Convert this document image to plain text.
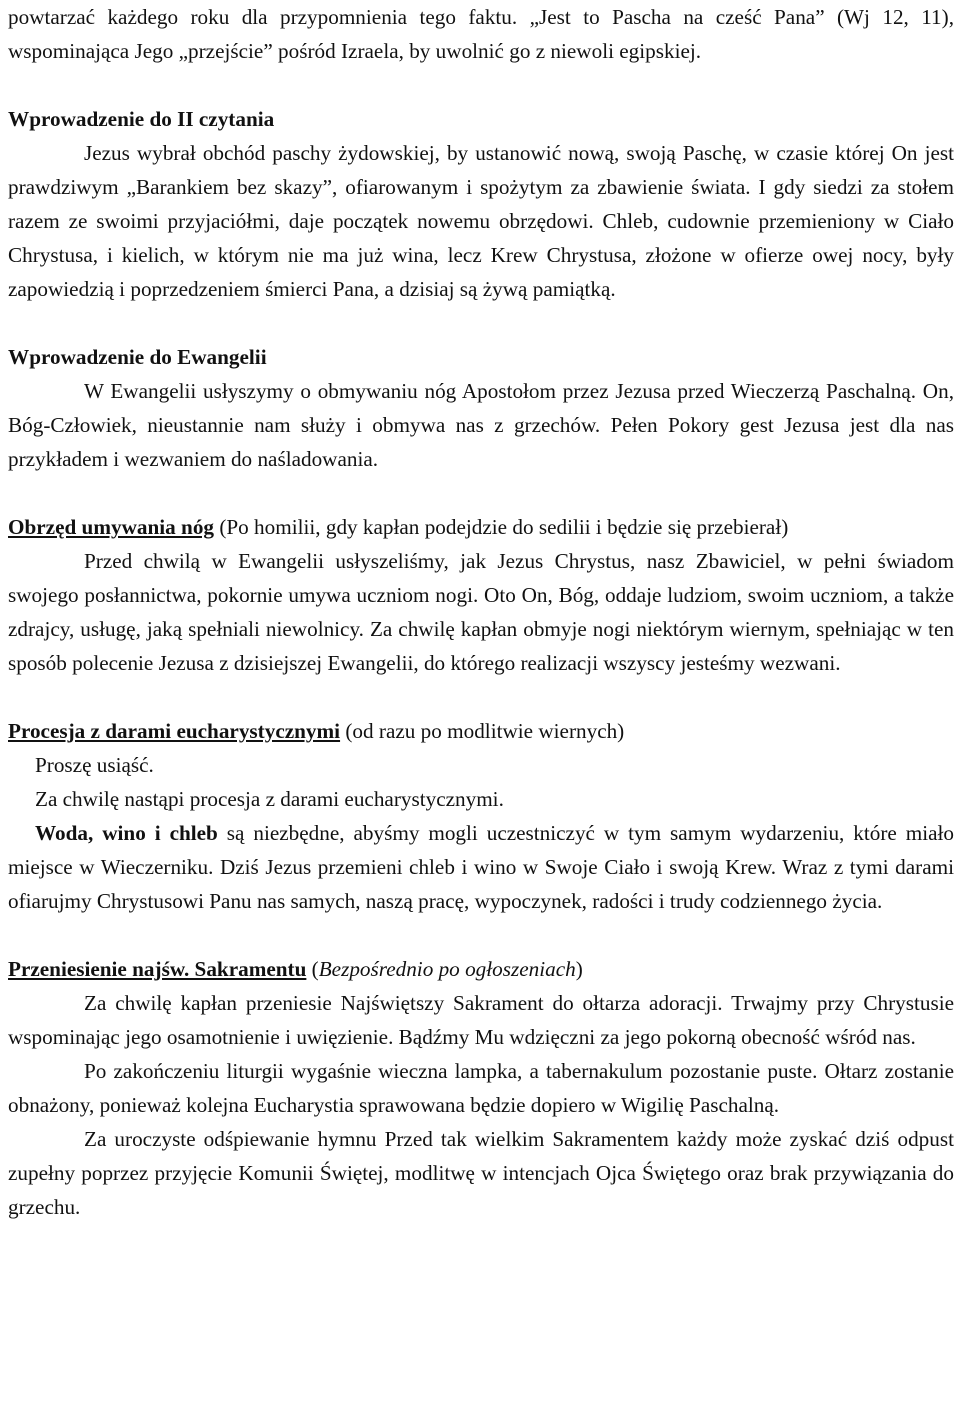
powtarzać każdego roku dla przypomnienia tego faktu. „Jest to Pascha na cześć Pana” (Wj 12, 11), wspominająca Jego „przejście” pośród Izraela, by uwolnić go z niewoli egipskiej.

Wprowadzenie do II czytania

Jezus wybrał obchód paschy żydowskiej, by ustanowić nową, swoją Paschę, w czasie której On jest prawdziwym „Barankiem bez skazy”, ofiarowanym i spożytym za zbawienie świata. I gdy siedzi za stołem razem ze swoimi przyjaciółmi, daje początek nowemu obrzędowi. Chleb, cudownie przemieniony w Ciało Chrystusa, i kielich, w którym nie ma już wina, lecz Krew Chrystusa, złożone w ofierze owej nocy, były zapowiedzią i poprzedzeniem śmierci Pana, a dzisiaj są żywą pamiątką.

Wprowadzenie do Ewangelii

W Ewangelii usłyszymy o obmywaniu nóg Apostołom przez Jezusa przed Wieczerzą Paschalną. On, Bóg-Człowiek, nieustannie nam służy i obmywa nas z grzechów. Pełen Pokory gest Jezusa jest dla nas przykładem i wezwaniem do naśladowania.

Obrzęd umywania nóg (Po homilii, gdy kapłan podejdzie do sedilii i będzie się przebierał)

Przed chwilą w Ewangelii usłyszeliśmy, jak Jezus Chrystus, nasz Zbawiciel, w pełni świadom swojego posłannictwa, pokornie umywa uczniom nogi. Oto On, Bóg, oddaje ludziom, swoim uczniom, a także zdrajcy, usługę, jaką spełniali niewolnicy. Za chwilę kapłan obmyje nogi niektórym wiernym, spełniając w ten sposób polecenie Jezusa z dzisiejszej Ewangelii, do którego realizacji wszyscy jesteśmy wezwani.

Procesja z darami eucharystycznymi (od razu po modlitwie wiernych)

Proszę usiąść.

Za chwilę nastąpi procesja z darami eucharystycznymi.

Woda, wino i chleb są niezbędne, abyśmy mogli uczestniczyć w tym samym wydarzeniu, które miało miejsce w Wieczerniku. Dziś Jezus przemieni chleb i wino w Swoje Ciało i swoją Krew. Wraz z tymi darami ofiarujmy Chrystusowi Panu nas samych, naszą pracę, wypoczynek, radości i trudy codziennego życia.

Przeniesienie najśw. Sakramentu (Bezpośrednio po ogłoszeniach)

Za chwilę kapłan przeniesie Najświętszy Sakrament do ołtarza adoracji. Trwajmy przy Chrystusie wspominając jego osamotnienie i uwięzienie. Bądźmy Mu wdzięczni za jego pokorną obecność wśród nas.

Po zakończeniu liturgii wygaśnie wieczna lampka, a tabernakulum pozostanie puste. Ołtarz zostanie obnażony, ponieważ kolejna Eucharystia sprawowana będzie dopiero w Wigilię Paschalną.

Za uroczyste odśpiewanie hymnu Przed tak wielkim Sakramentem każdy może zyskać dziś odpust zupełny poprzez przyjęcie Komunii Świętej, modlitwę w intencjach Ojca Świętego oraz brak przywiązania do grzechu.
